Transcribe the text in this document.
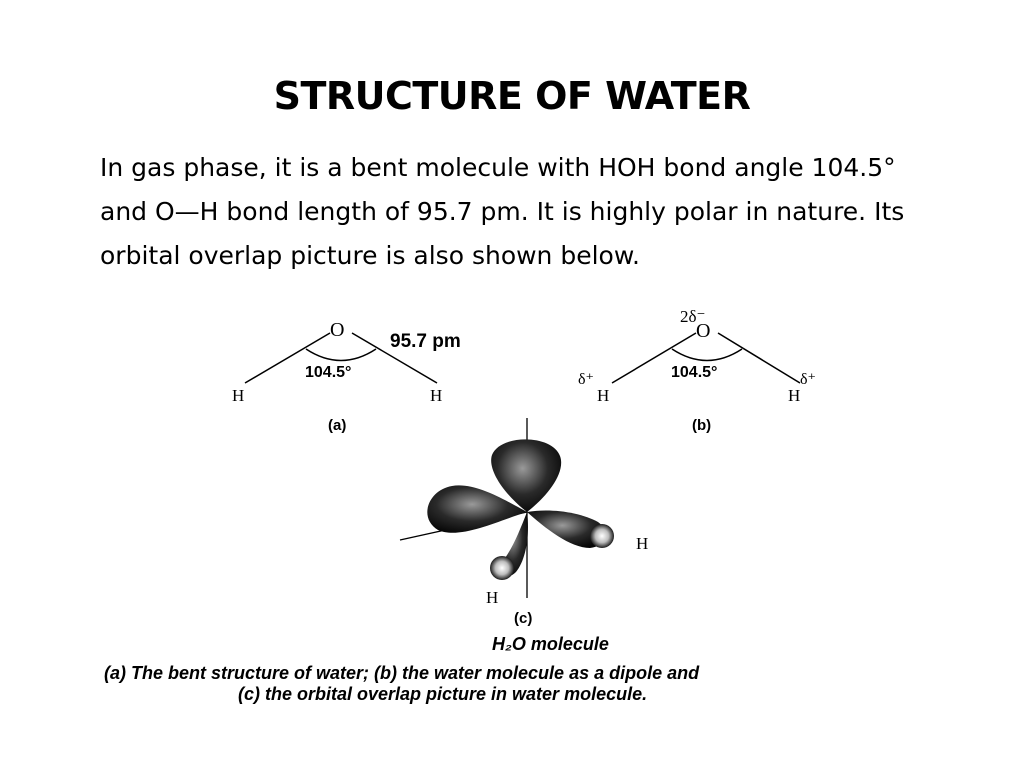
STRUCTURE OF WATER
In gas phase, it is a bent molecule with HOH bond angle 104.5° and O—H bond length of 95.7 pm. It is highly polar in nature. Its orbital overlap picture is also shown below.
O
95.7 pm
104.5°
H	H
(a)
2δ⁻
O
104.5°
δ⁺	δ⁺
H	H
(b)
H
H
(c)
H₂O molecule
(a) The bent structure of water; (b) the water molecule as a dipole and
(c) the orbital overlap picture in water molecule.
